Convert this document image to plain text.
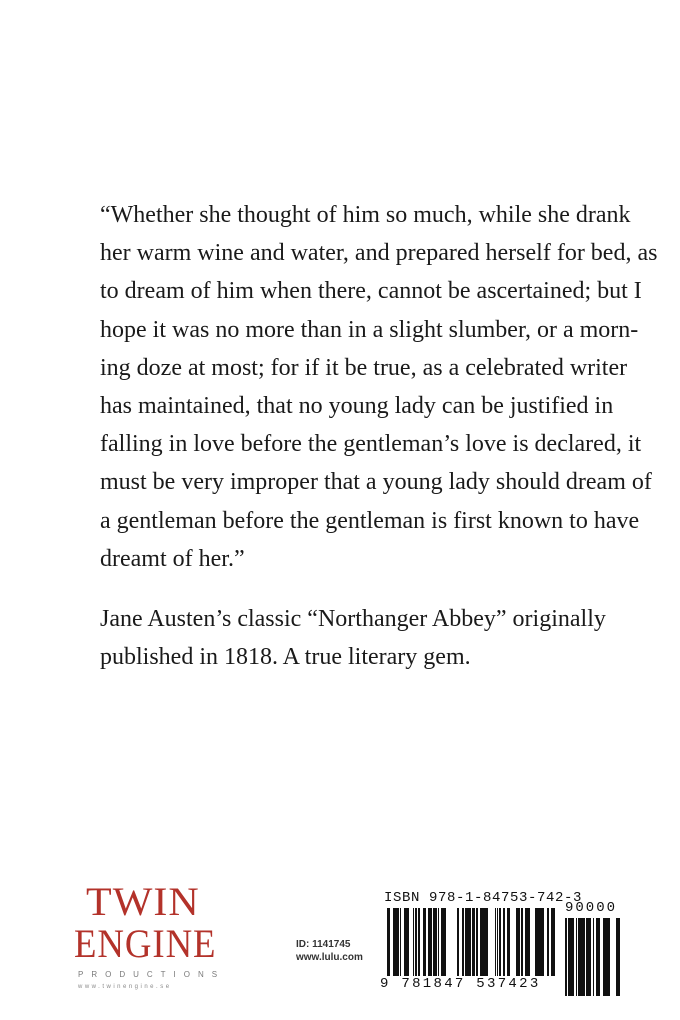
“Whether she thought of him so much, while she drank
her warm wine and water, and prepared herself for bed, as
to dream of him when there, cannot be ascertained; but I
hope it was no more than in a slight slumber, or a morn-
ing doze at most; for if it be true, as a celebrated writer
has maintained, that no young lady can be justified in
falling in love before the gentleman’s love is declared, it
must be very improper that a young lady should dream of
a gentleman before the gentleman is first known to have
dreamt of her.”
Jane Austen’s classic “Northanger Abbey” originally
published in 1818. A true literary gem.
TWIN
ENGINE
PRODUCTIONS
www.twinengine.se
ID: 1141745
www.lulu.com
ISBN 978-1-84753-742-3
90000
9 781847 537423
